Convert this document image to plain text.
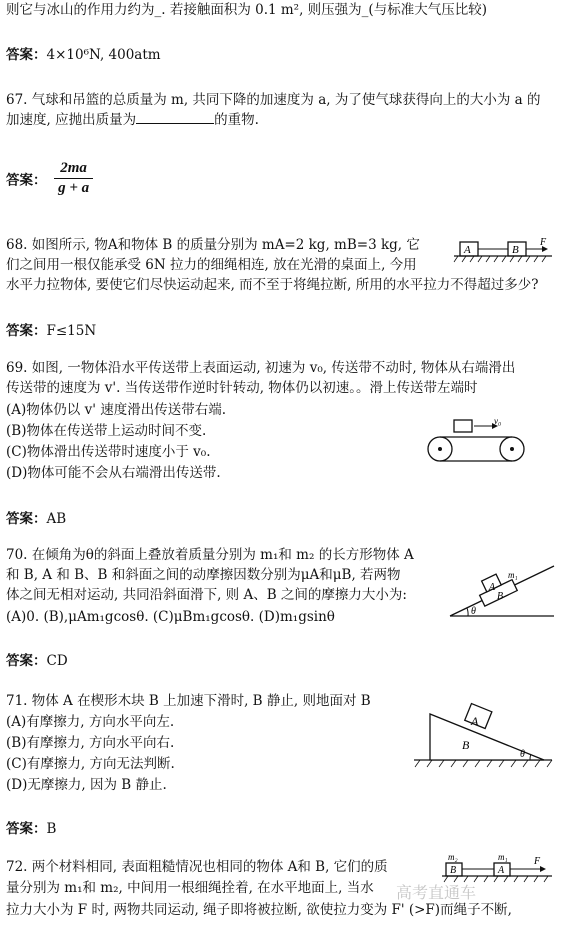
则它与冰山的作用力约为_. 若接触面积为 0.1 m², 则压强为_(与标准大气压比较)
答案：4×10⁶N, 400atm
67. 气球和吊篮的总质量为 m, 共同下降的加速度为 a, 为了使气球获得向上的大小为 a 的
加速度, 应抛出质量为	的重物.
答案： $\frac{2ma}{g + a}$
68. 如图所示, 物A和物体 B 的质量分别为 mA=2 kg, mB=3 kg, 它
们之间用一根仅能承受 6N 拉力的细绳相连, 放在光滑的桌面上, 今用
水平力拉物体, 要使它们尽快运动起来, 而不至于将绳拉断, 所用的水平拉力不得超过多少?
A	B
F
答案：F≤15N
69. 如图, 一物体沿水平传送带上表面运动, 初速为 v₀, 传送带不动时, 物体从右端滑出
传送带的速度为 v'. 当传送带作逆时针转动, 物体仍以初速。。滑上传送带左端时
(A)物体仍以 v' 速度滑出传送带右端.
(B)物体在传送带上运动时间不变.
(C)物体滑出传送带时速度小于 v₀.
(D)物体可能不会从右端滑出传送带.
v₀
答案：AB
70. 在倾角为θ的斜面上叠放着质量分别为 m₁和 m₂ 的长方形物体 A
和 B, A 和 B、B 和斜面之间的动摩擦因数分别为μA和μB, 若两物
体之间无相对运动, 共同沿斜面滑下, 则 A、B 之间的摩擦力大小为:
(A)0. (B),μAm₁gcosθ. (C)μBm₁gcosθ. (D)m₁gsinθ	θ
B
A
m₁
答案：CD
71. 物体 A 在楔形木块 B 上加速下滑时, B 静止, 则地面对 B
(A)有摩擦力, 方向水平向左.
(B)有摩擦力, 方向水平向右.
(C)有摩擦力, 方向无法判断.
(D)无摩擦力, 因为 B 静止.
θ
A
B
答案：B
72. 两个材料相同, 表面粗糙情况也相同的物体 A和 B, 它们的质
量分别为 m₁和 m₂, 中间用一根细绳拴着, 在水平地面上, 当水
拉力大小为 F 时, 两物共同运动, 绳子即将被拉断, 欲使拉力变为 F' (>F)而绳子不断,
m₂
B
m₁
A
F
高考直通车
